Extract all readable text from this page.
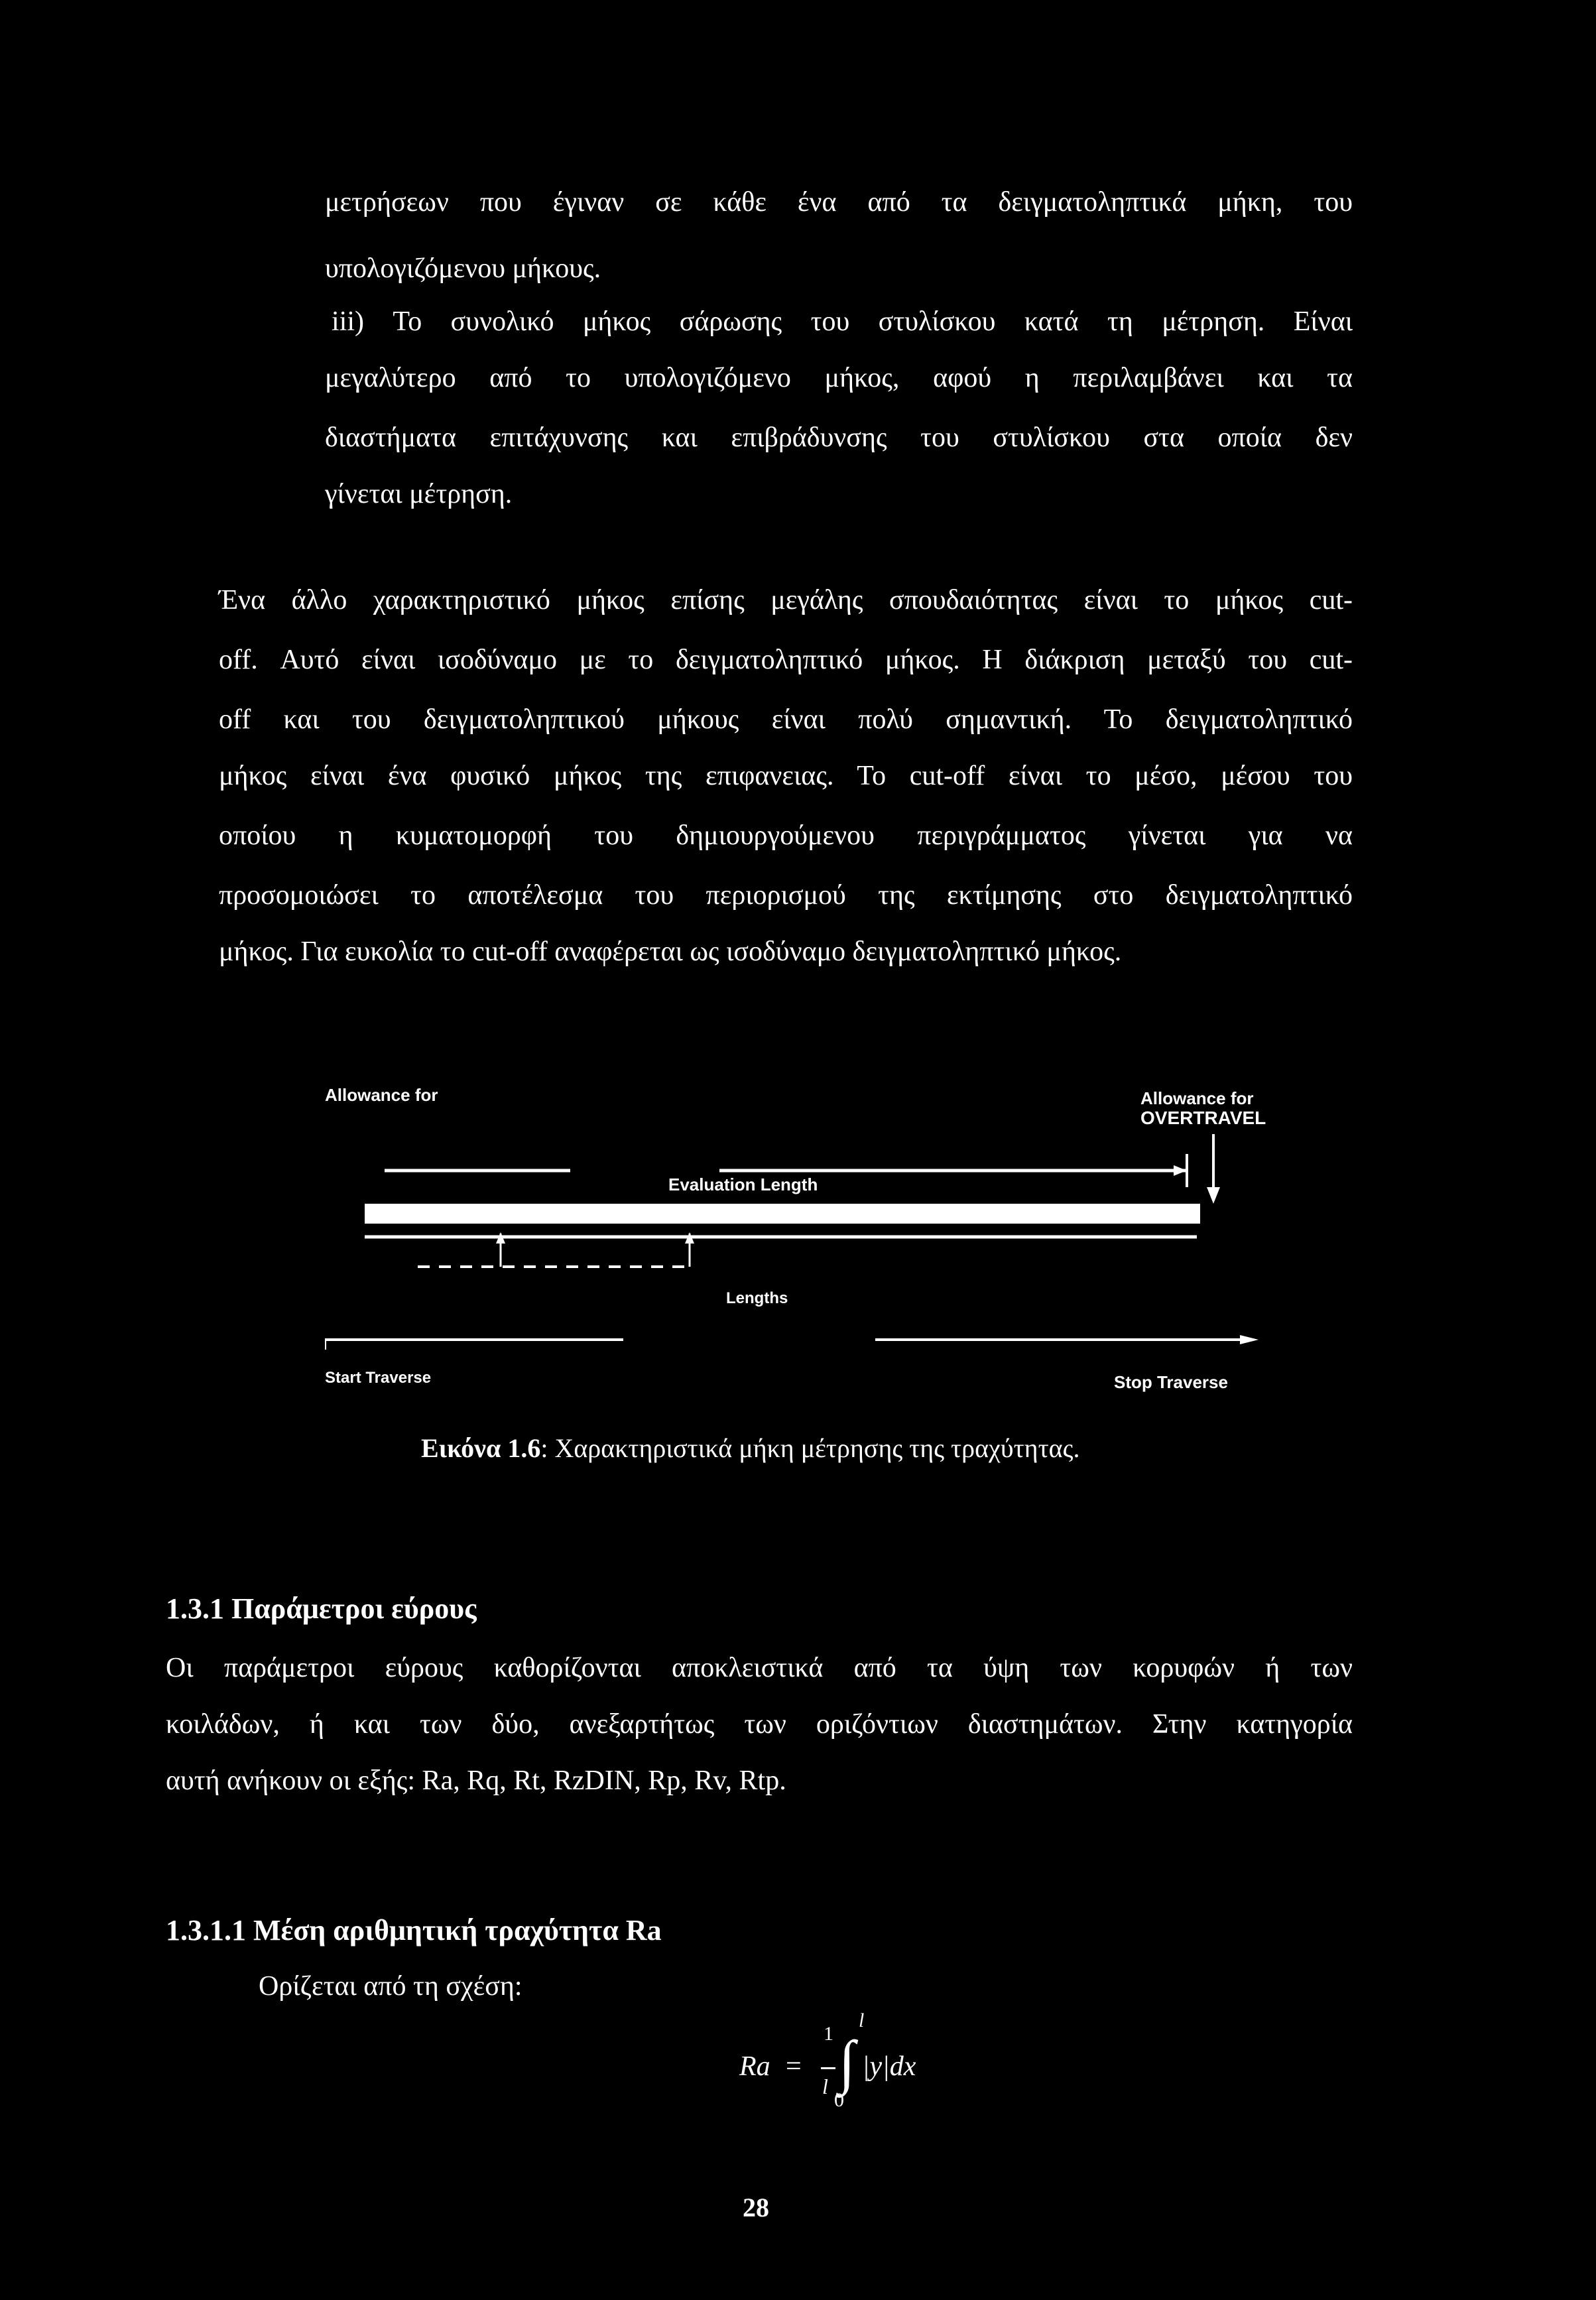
μετρήσεων που έγιναν σε κάθε ένα από τα δειγματοληπτικά μήκη, του
υπολογιζόμενου μήκους.
iii) Το συνολικό μήκος σάρωσης του στυλίσκου κατά τη μέτρηση. Είναι
μεγαλύτερο από το υπολογιζόμενο μήκος, αφού η περιλαμβάνει και τα
διαστήματα επιτάχυνσης και επιβράδυνσης του στυλίσκου στα οποία δεν
γίνεται μέτρηση.
Ένα άλλο χαρακτηριστικό μήκος επίσης μεγάλης σπουδαιότητας είναι το μήκος cut-
off. Αυτό είναι ισοδύναμο με το δειγματοληπτικό μήκος. Η διάκριση μεταξύ του cut-
off και του δειγματοληπτικού μήκους είναι πολύ σημαντική. Το δειγματοληπτικό
μήκος είναι ένα φυσικό μήκος της επιφανειας. Το cut-off είναι το μέσο, μέσου του
οποίου η κυματομορφή του δημιουργούμενου περιγράμματος γίνεται για να
προσομοιώσει το αποτέλεσμα του περιορισμού της εκτίμησης στο δειγματοληπτικό
μήκος. Για ευκολία το cut-off αναφέρεται ως ισοδύναμο δειγματοληπτικό μήκος.
Allowance for	Allowance for
OVERTRAVEL
Evaluation Length
Lengths
Start Traverse	Stop Traverse
Εικόνα 1.6: Χαρακτηριστικά μήκη μέτρησης της τραχύτητας.
1.3.1 Παράμετροι εύρους
Οι παράμετροι εύρους καθορίζονται αποκλειστικά από τα ύψη των κορυφών ή των
κοιλάδων, ή και των δύο, ανεξαρτήτως των οριζόντιων διαστημάτων. Στην κατηγορία
αυτή ανήκουν οι εξής: Ra, Rq, Rt, RzDIN, Rp, Rv, Rtp.
1.3.1.1 Μέση αριθμητική τραχύτητα Ra
Ορίζεται από τη σχέση:
Ra =
1
l ∫
l
0
|y|dx
28
